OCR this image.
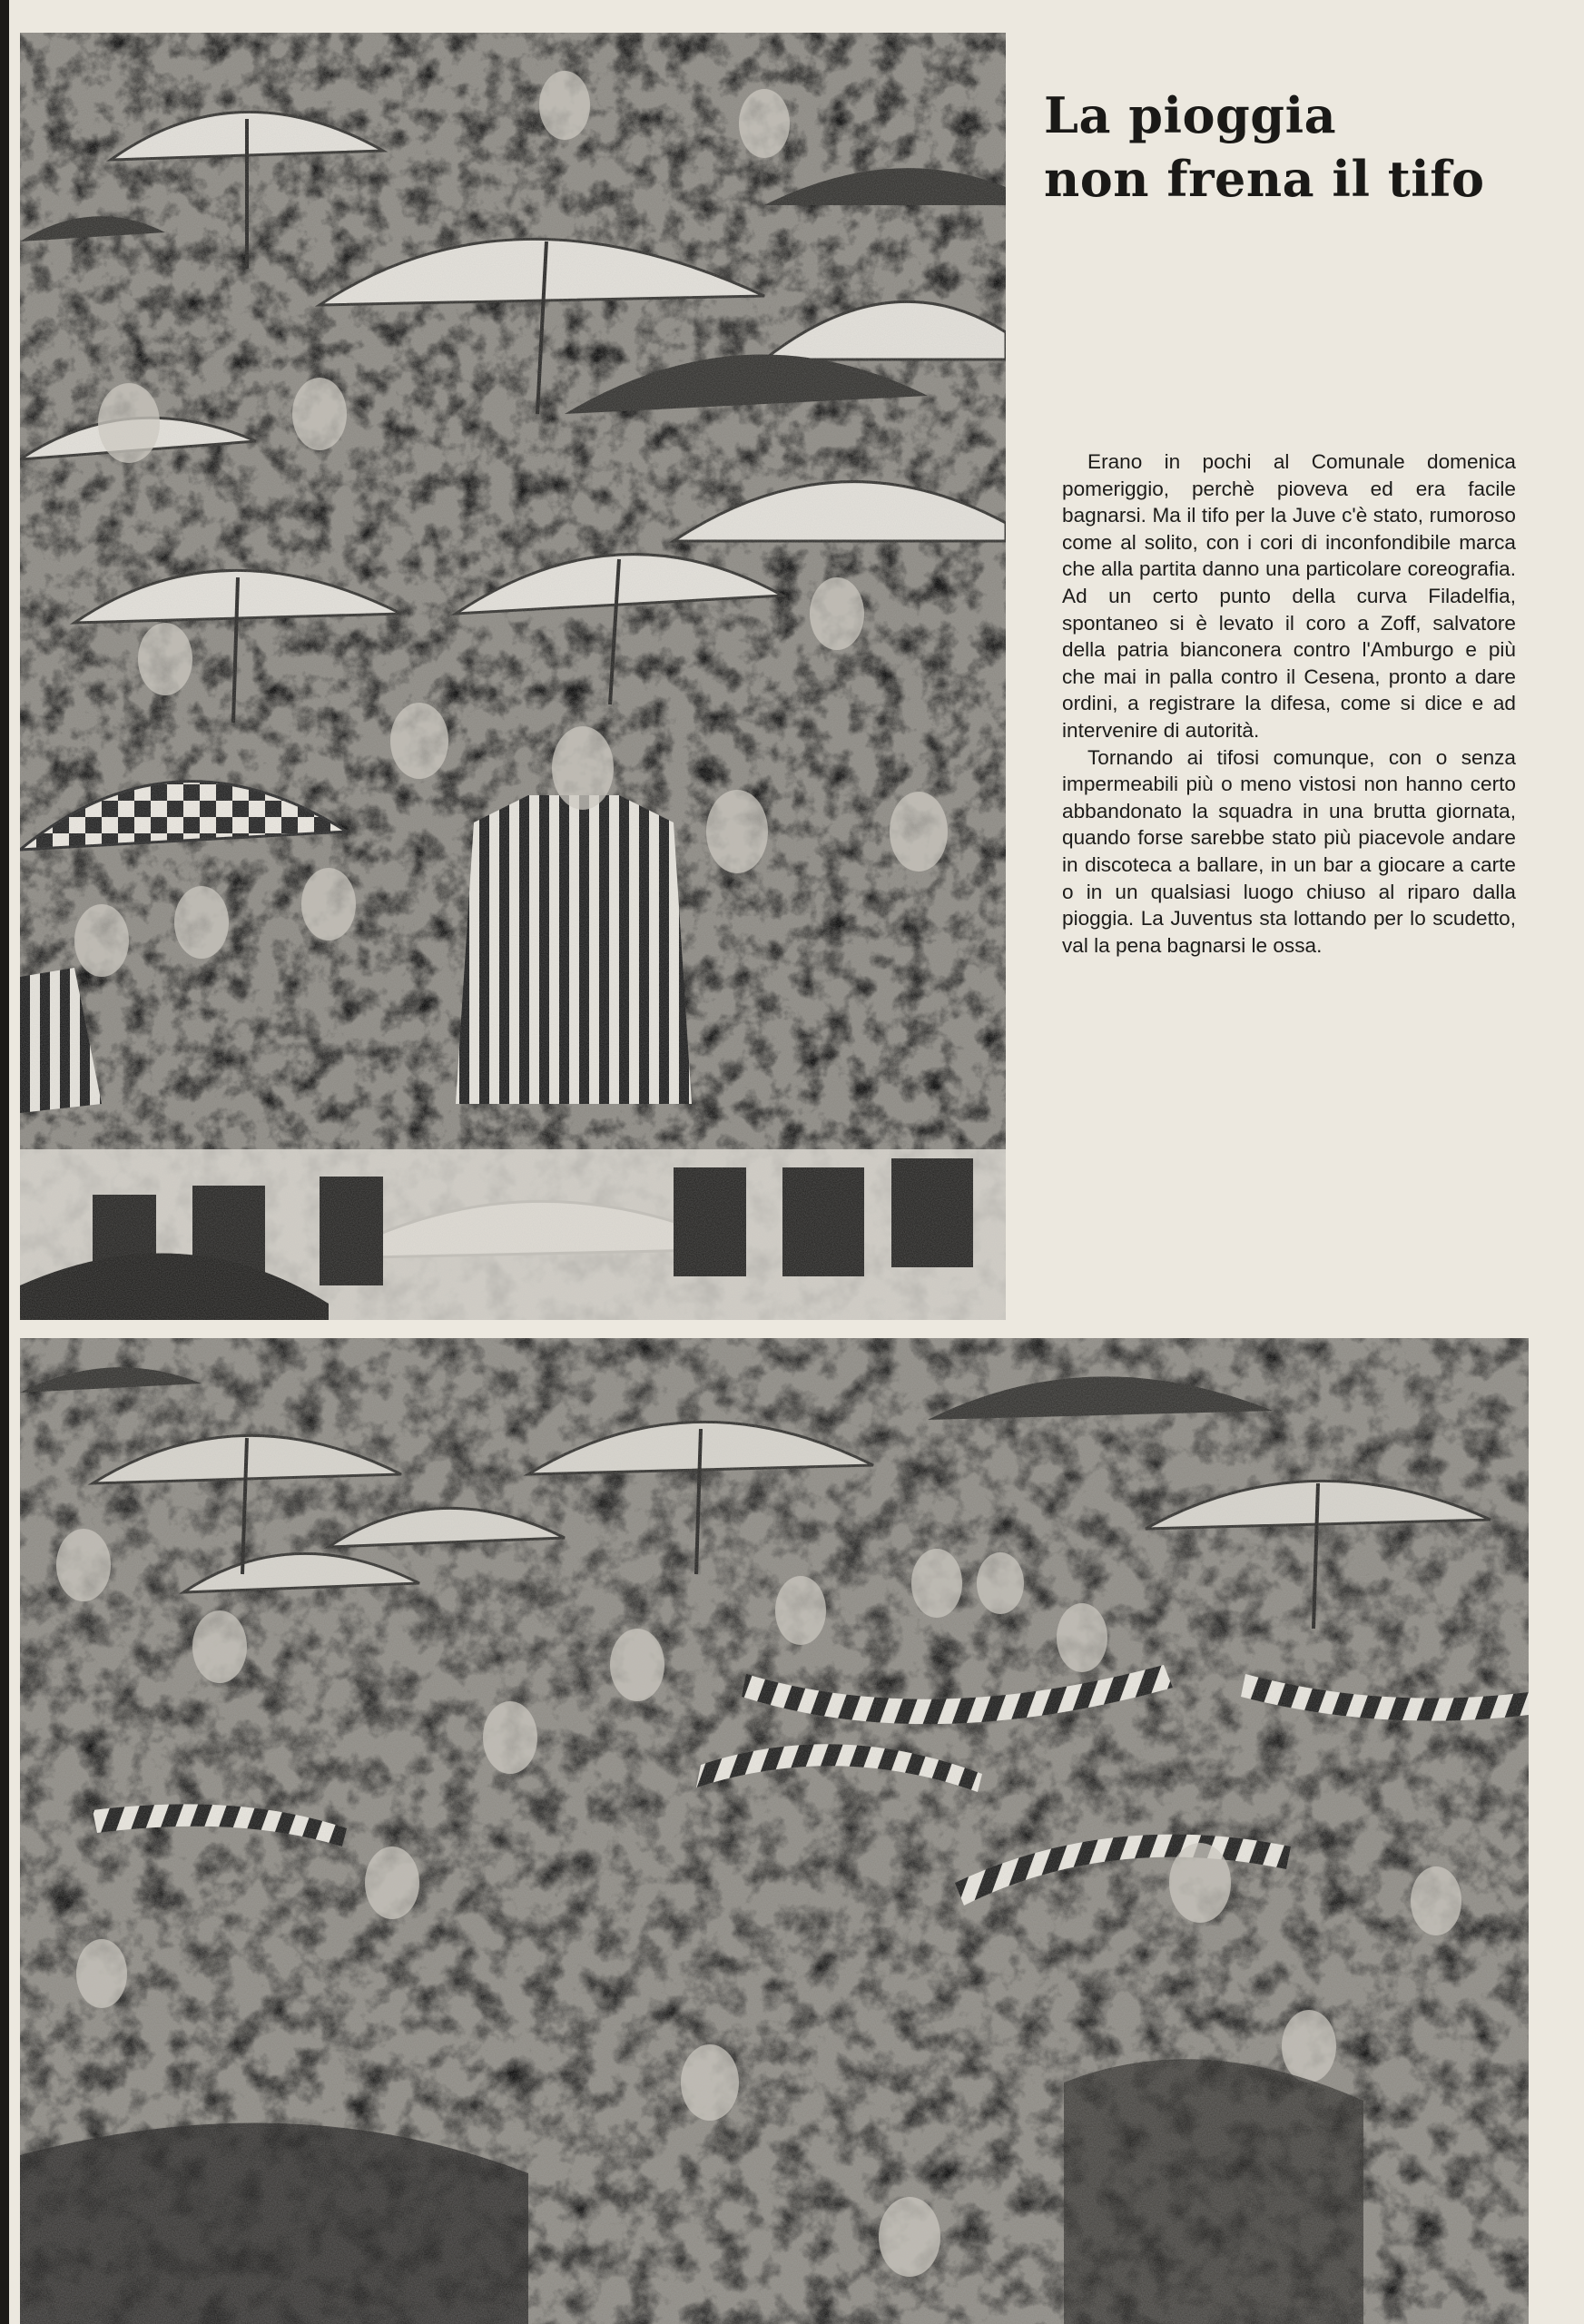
La pioggia
non frena il tifo

Erano in pochi al Comunale domenica pomeriggio, perchè pioveva ed era facile bagnarsi. Ma il tifo per la Juve c'è stato, rumoroso come al solito, con i cori di inconfondibile marca che alla partita danno una particolare coreografia. Ad un certo punto della curva Filadelfia, spontaneo si è levato il coro a Zoff, salvatore della patria bianconera contro l'Amburgo e più che mai in palla contro il Cesena, pronto a dare ordini, a registrare la difesa, come si dice e ad intervenire di autorità.

Tornando ai tifosi comunque, con o senza impermeabili più o meno vistosi non hanno certo abbandonato la squadra in una brutta giornata, quando forse sarebbe stato più piacevole andare in discoteca a ballare, in un bar a giocare a carte o in un qualsiasi luogo chiuso al riparo dalla pioggia. La Juventus sta lottando per lo scudetto, val la pena bagnarsi le ossa.
